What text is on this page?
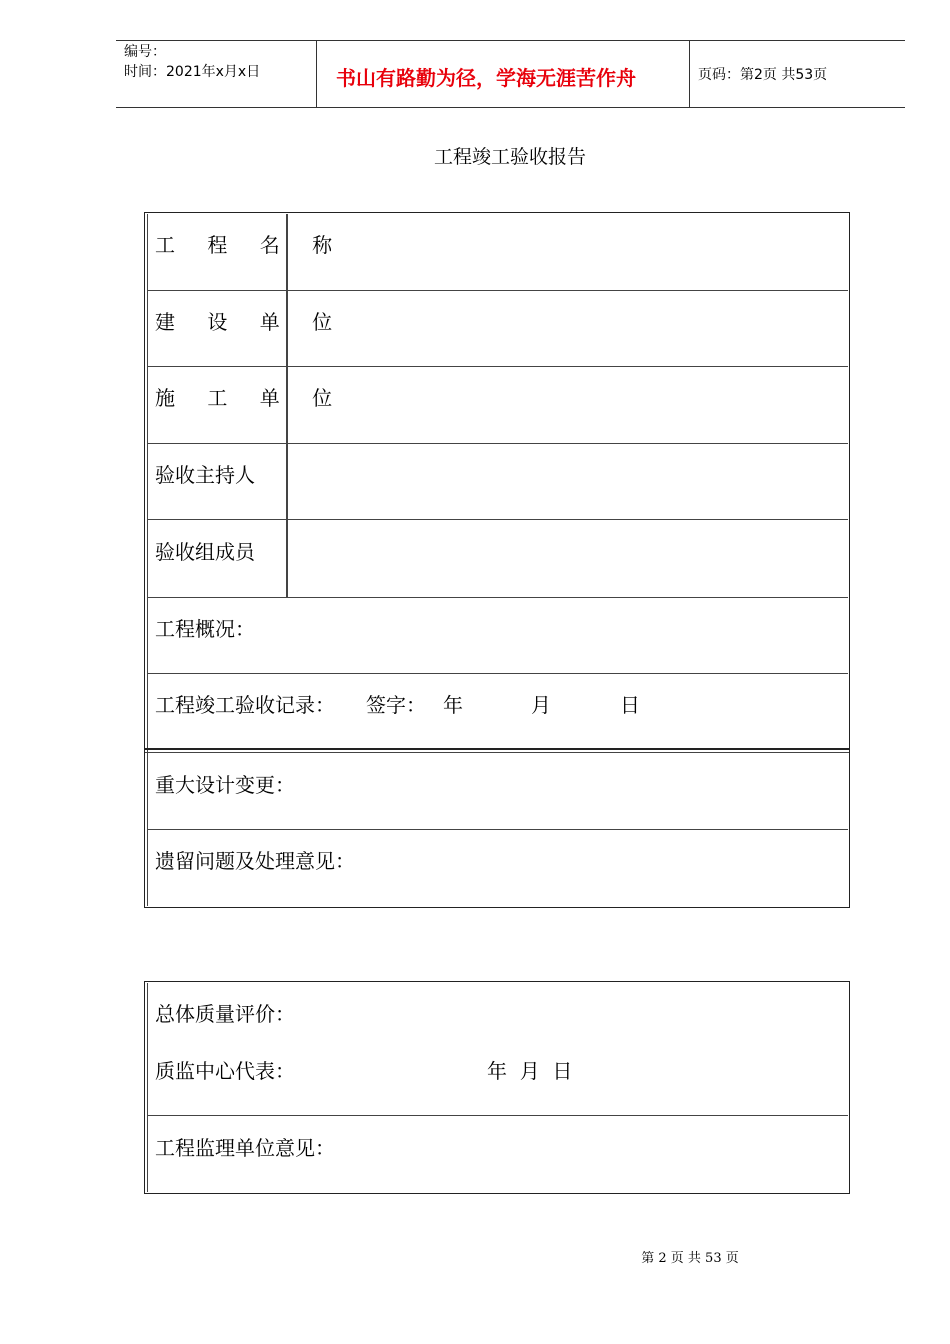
编号：
时间：2021年x月x日	书山有路勤为径，学海无涯苦作舟	页码：第2页 共53页
工程竣工验收报告
工 程 名 称
建 设 单 位
施 工 单 位
验收主持人
验收组成员
工程概况：
工程竣工验收记录： 签字： 年	月	日
重大设计变更：
遗留问题及处理意见：
总体质量评价：
质监中心代表：	年  月  日
工程监理单位意见：
第 2 页 共 53 页
